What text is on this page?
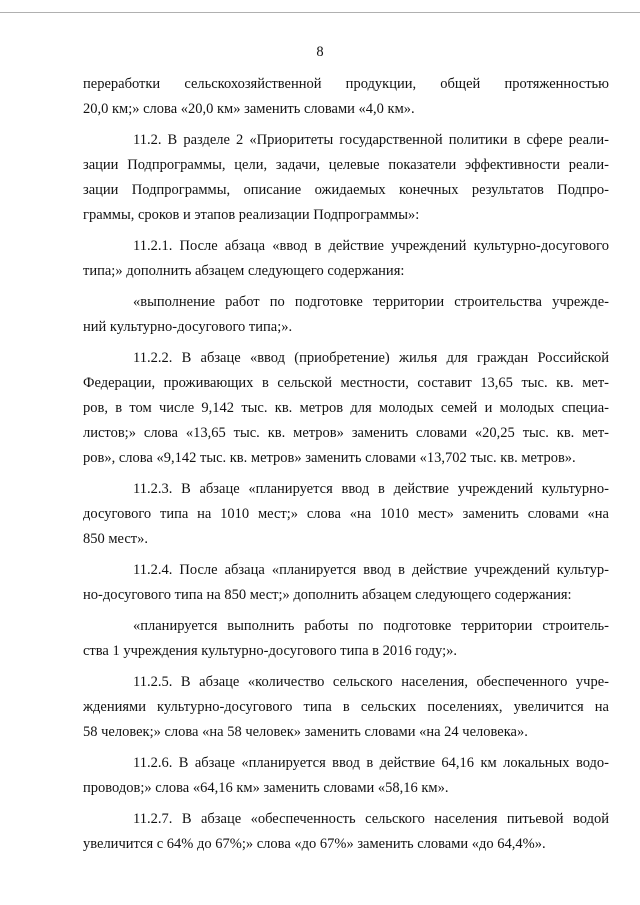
8
переработки сельскохозяйственной продукции, общей протяженностью
20,0 км;» слова «20,0 км» заменить словами «4,0 км».
11.2. В разделе 2 «Приоритеты государственной политики в сфере реали-
зации Подпрограммы, цели, задачи, целевые показатели эффективности реали-
зации Подпрограммы, описание ожидаемых конечных результатов Подпро-
граммы, сроков и этапов реализации Подпрограммы»:
11.2.1. После абзаца «ввод в действие учреждений культурно-досугового
типа;» дополнить абзацем следующего содержания:
«выполнение работ по подготовке территории строительства учрежде-
ний культурно-досугового типа;».
11.2.2. В абзаце «ввод (приобретение) жилья для граждан Российской
Федерации, проживающих в сельской местности, составит 13,65 тыс. кв. мет-
ров, в том числе 9,142 тыс. кв. метров для молодых семей и молодых специа-
листов;» слова «13,65 тыс. кв. метров» заменить словами «20,25 тыс. кв. мет-
ров», слова «9,142 тыс. кв. метров» заменить словами «13,702 тыс. кв. метров».
11.2.3. В абзаце «планируется ввод в действие учреждений культурно-
досугового типа на 1010 мест;» слова «на 1010 мест» заменить словами «на
850 мест».
11.2.4. После абзаца «планируется ввод в действие учреждений культур-
но-досугового типа на 850 мест;» дополнить абзацем следующего содержания:
«планируется выполнить работы по подготовке территории строитель-
ства 1 учреждения культурно-досугового типа в 2016 году;».
11.2.5. В абзаце «количество сельского населения, обеспеченного учре-
ждениями культурно-досугового типа в сельских поселениях, увеличится на
58 человек;» слова «на 58 человек» заменить словами «на 24 человека».
11.2.6. В абзаце «планируется ввод в действие 64,16 км локальных водо-
проводов;» слова «64,16 км» заменить словами «58,16 км».
11.2.7. В абзаце «обеспеченность сельского населения питьевой водой
увеличится с 64% до 67%;» слова «до 67%» заменить словами «до 64,4%».
